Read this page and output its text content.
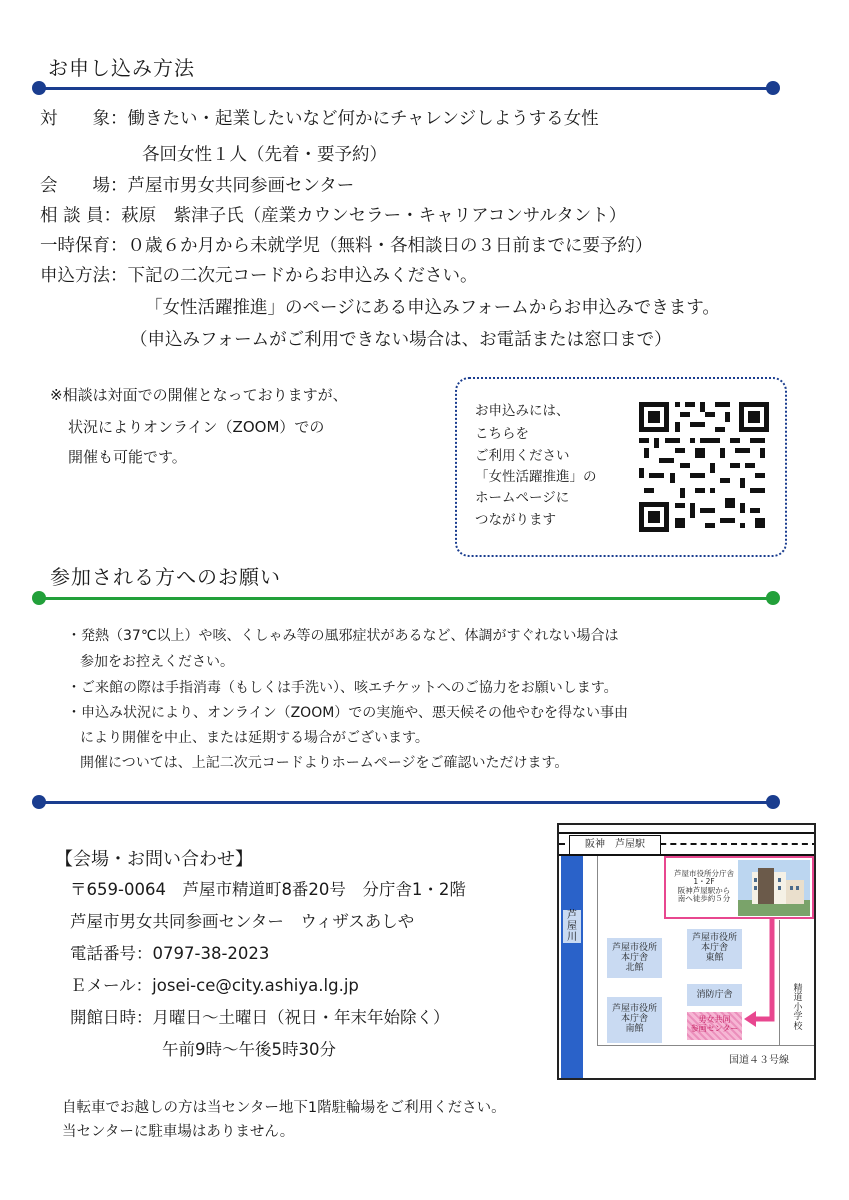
お申し込み方法
対　　象：働きたい・起業したいなど何かにチャレンジしようする女性
各回女性１人（先着・要予約）
会　　場：芦屋市男女共同参画センター
相 談 員：萩原　紫津子氏（産業カウンセラー・キャリアコンサルタント）
一時保育：０歳６か月から未就学児（無料・各相談日の３日前までに要予約）
申込方法：下記の二次元コードからお申込みください。
「女性活躍推進」のページにある申込みフォームからお申込みできます。
（申込みフォームがご利用できない場合は、お電話または窓口まで）
※相談は対面での開催となっておりますが、
状況によりオンライン（ZOOM）での
開催も可能です。
お申込みには、
こちらを
ご利用ください
「女性活躍推進」の
ホームページに
つながります
参加される方へのお願い
・発熱（37℃以上）や咳、くしゃみ等の風邪症状があるなど、体調がすぐれない場合は
参加をお控えください。
・ご来館の際は手指消毒（もしくは手洗い）、咳エチケットへのご協力をお願いします。
・申込み状況により、オンライン（ZOOM）での実施や、悪天候その他やむを得ない事由
により開催を中止、または延期する場合がございます。
開催については、上記二次元コードよりホームページをご確認いただけます。
【会場・お問い合わせ】
〒659-0064　芦屋市精道町8番20号　分庁舎1・2階
芦屋市男女共同参画センター　ウィザスあしや
電話番号：0797-38-2023
Ｅメール：josei-ce@city.ashiya.lg.jp
開館日時：月曜日～土曜日（祝日・年末年始除く）
午前9時～午後5時30分
自転車でお越しの方は当センター地下1階駐輪場をご利用ください。
当センターに駐車場はありません。
阪神　芦屋駅
芦屋川
芦屋市役所分庁舎
1・2F
阪神芦屋駅から
南へ徒歩約５分
芦屋市役所
本庁舎
北館
芦屋市役所
本庁舎
南館
芦屋市役所
本庁舎
東館
消防庁舎
男女共同
参画センター
精道小学校
国道４３号線
